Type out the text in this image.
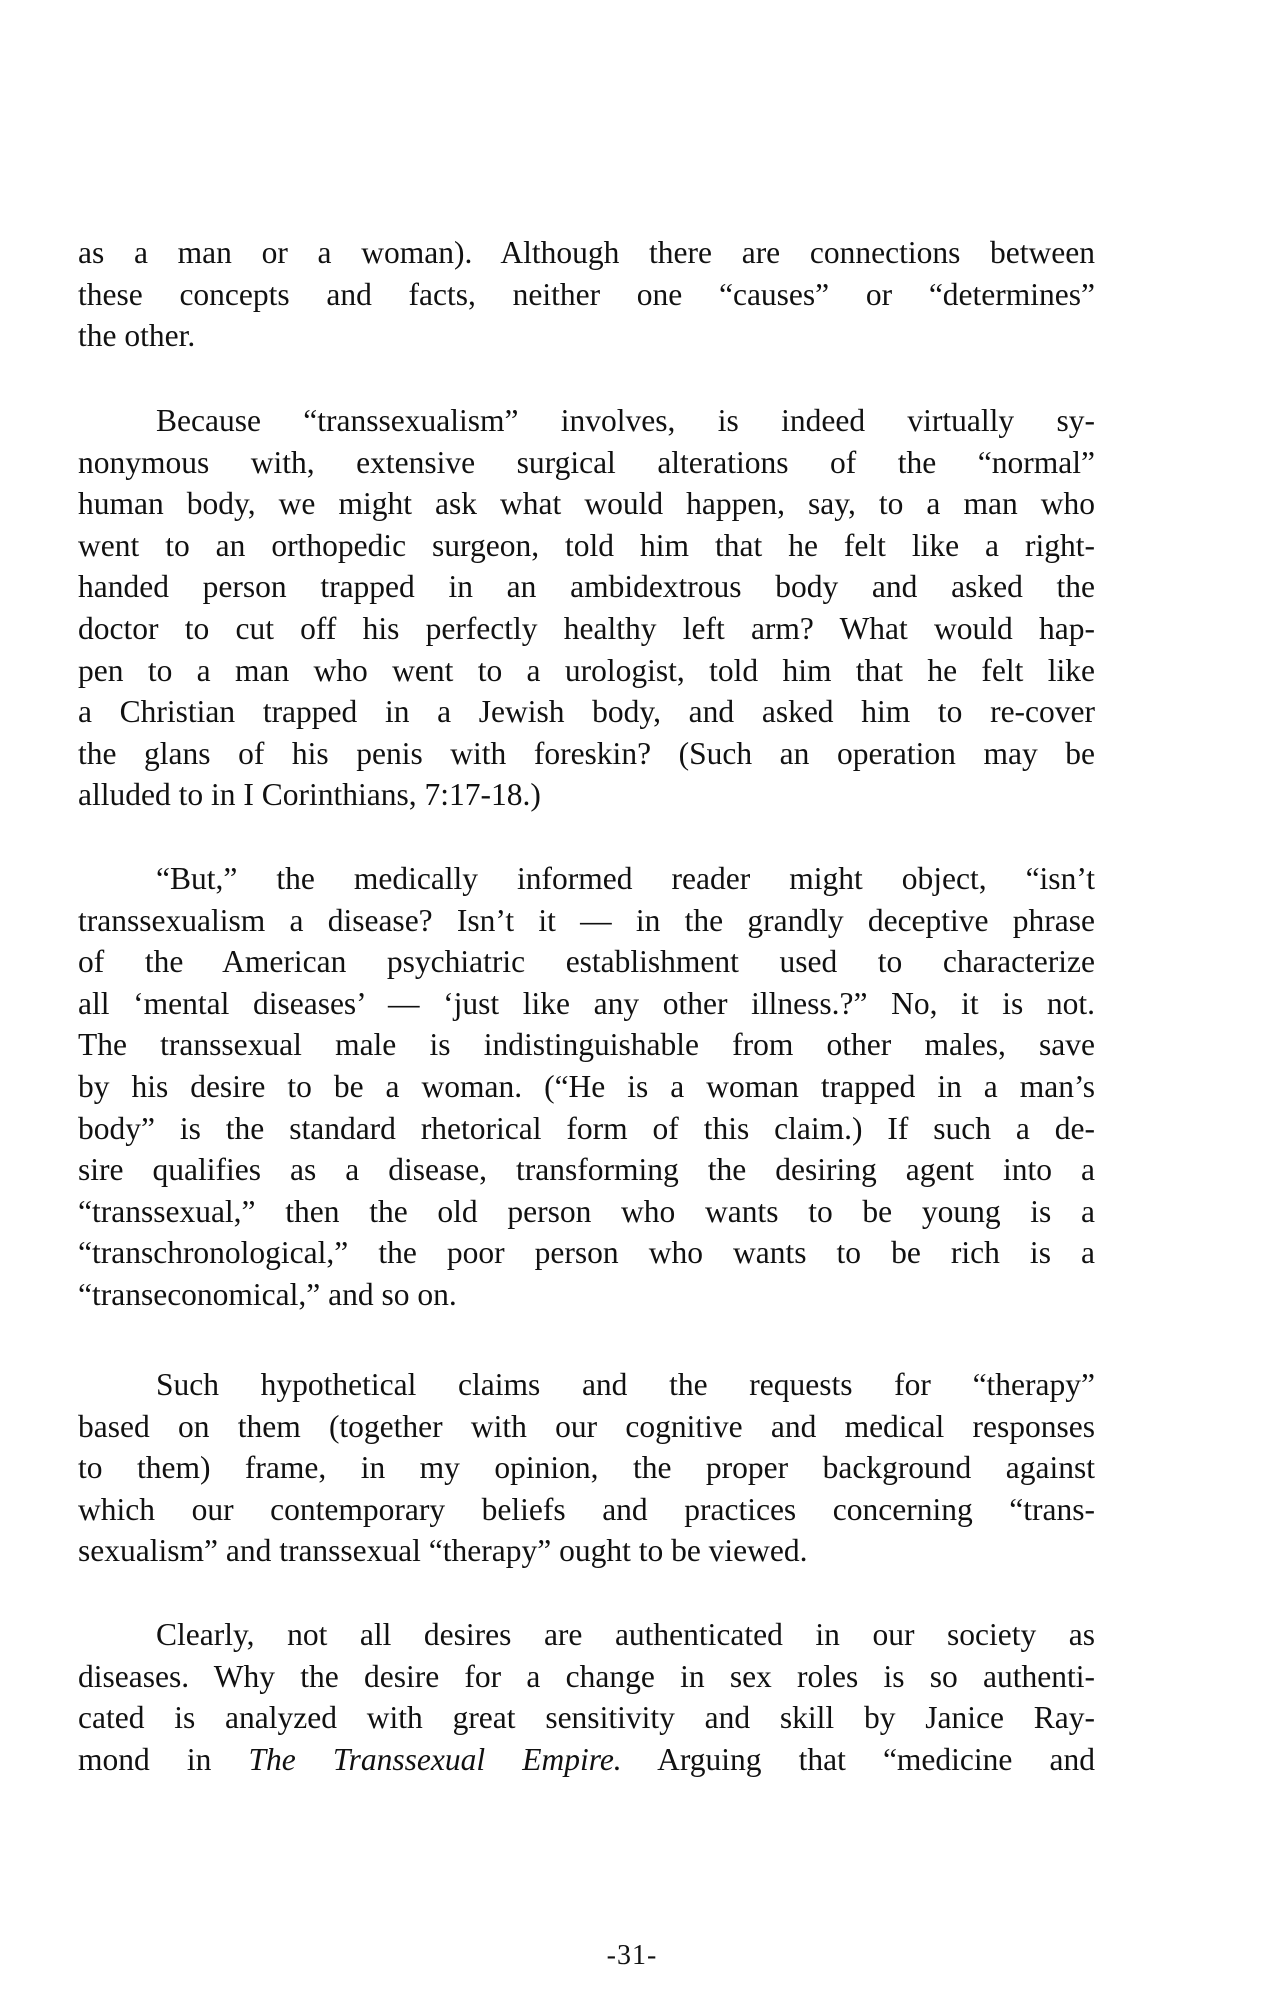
as a man or a woman). Although there are connections between
these concepts and facts, neither one “causes” or “determines”
the other.

Because “transsexualism” involves, is indeed virtually sy-
nonymous with, extensive surgical alterations of the “normal”
human body, we might ask what would happen, say, to a man who
went to an orthopedic surgeon, told him that he felt like a right-
handed person trapped in an ambidextrous body and asked the
doctor to cut off his perfectly healthy left arm? What would hap-
pen to a man who went to a urologist, told him that he felt like
a Christian trapped in a Jewish body, and asked him to re-cover
the glans of his penis with foreskin? (Such an operation may be
alluded to in I Corinthians, 7:17-18.)

“But,” the medically informed reader might object, “isn’t
transsexualism a disease? Isn’t it — in the grandly deceptive phrase
of the American psychiatric establishment used to characterize
all ‘mental diseases’ — ‘just like any other illness.?” No, it is not.
The transsexual male is indistinguishable from other males, save
by his desire to be a woman. (“He is a woman trapped in a man’s
body” is the standard rhetorical form of this claim.) If such a de-
sire qualifies as a disease, transforming the desiring agent into a
“transsexual,” then the old person who wants to be young is a
“transchronological,” the poor person who wants to be rich is a
“transeconomical,” and so on.

Such hypothetical claims and the requests for “therapy”
based on them (together with our cognitive and medical responses
to them) frame, in my opinion, the proper background against
which our contemporary beliefs and practices concerning “trans-
sexualism” and transsexual “therapy” ought to be viewed.

Clearly, not all desires are authenticated in our society as
diseases. Why the desire for a change in sex roles is so authenti-
cated is analyzed with great sensitivity and skill by Janice Ray-
mond in The Transsexual Empire. Arguing that “medicine and

-31-
